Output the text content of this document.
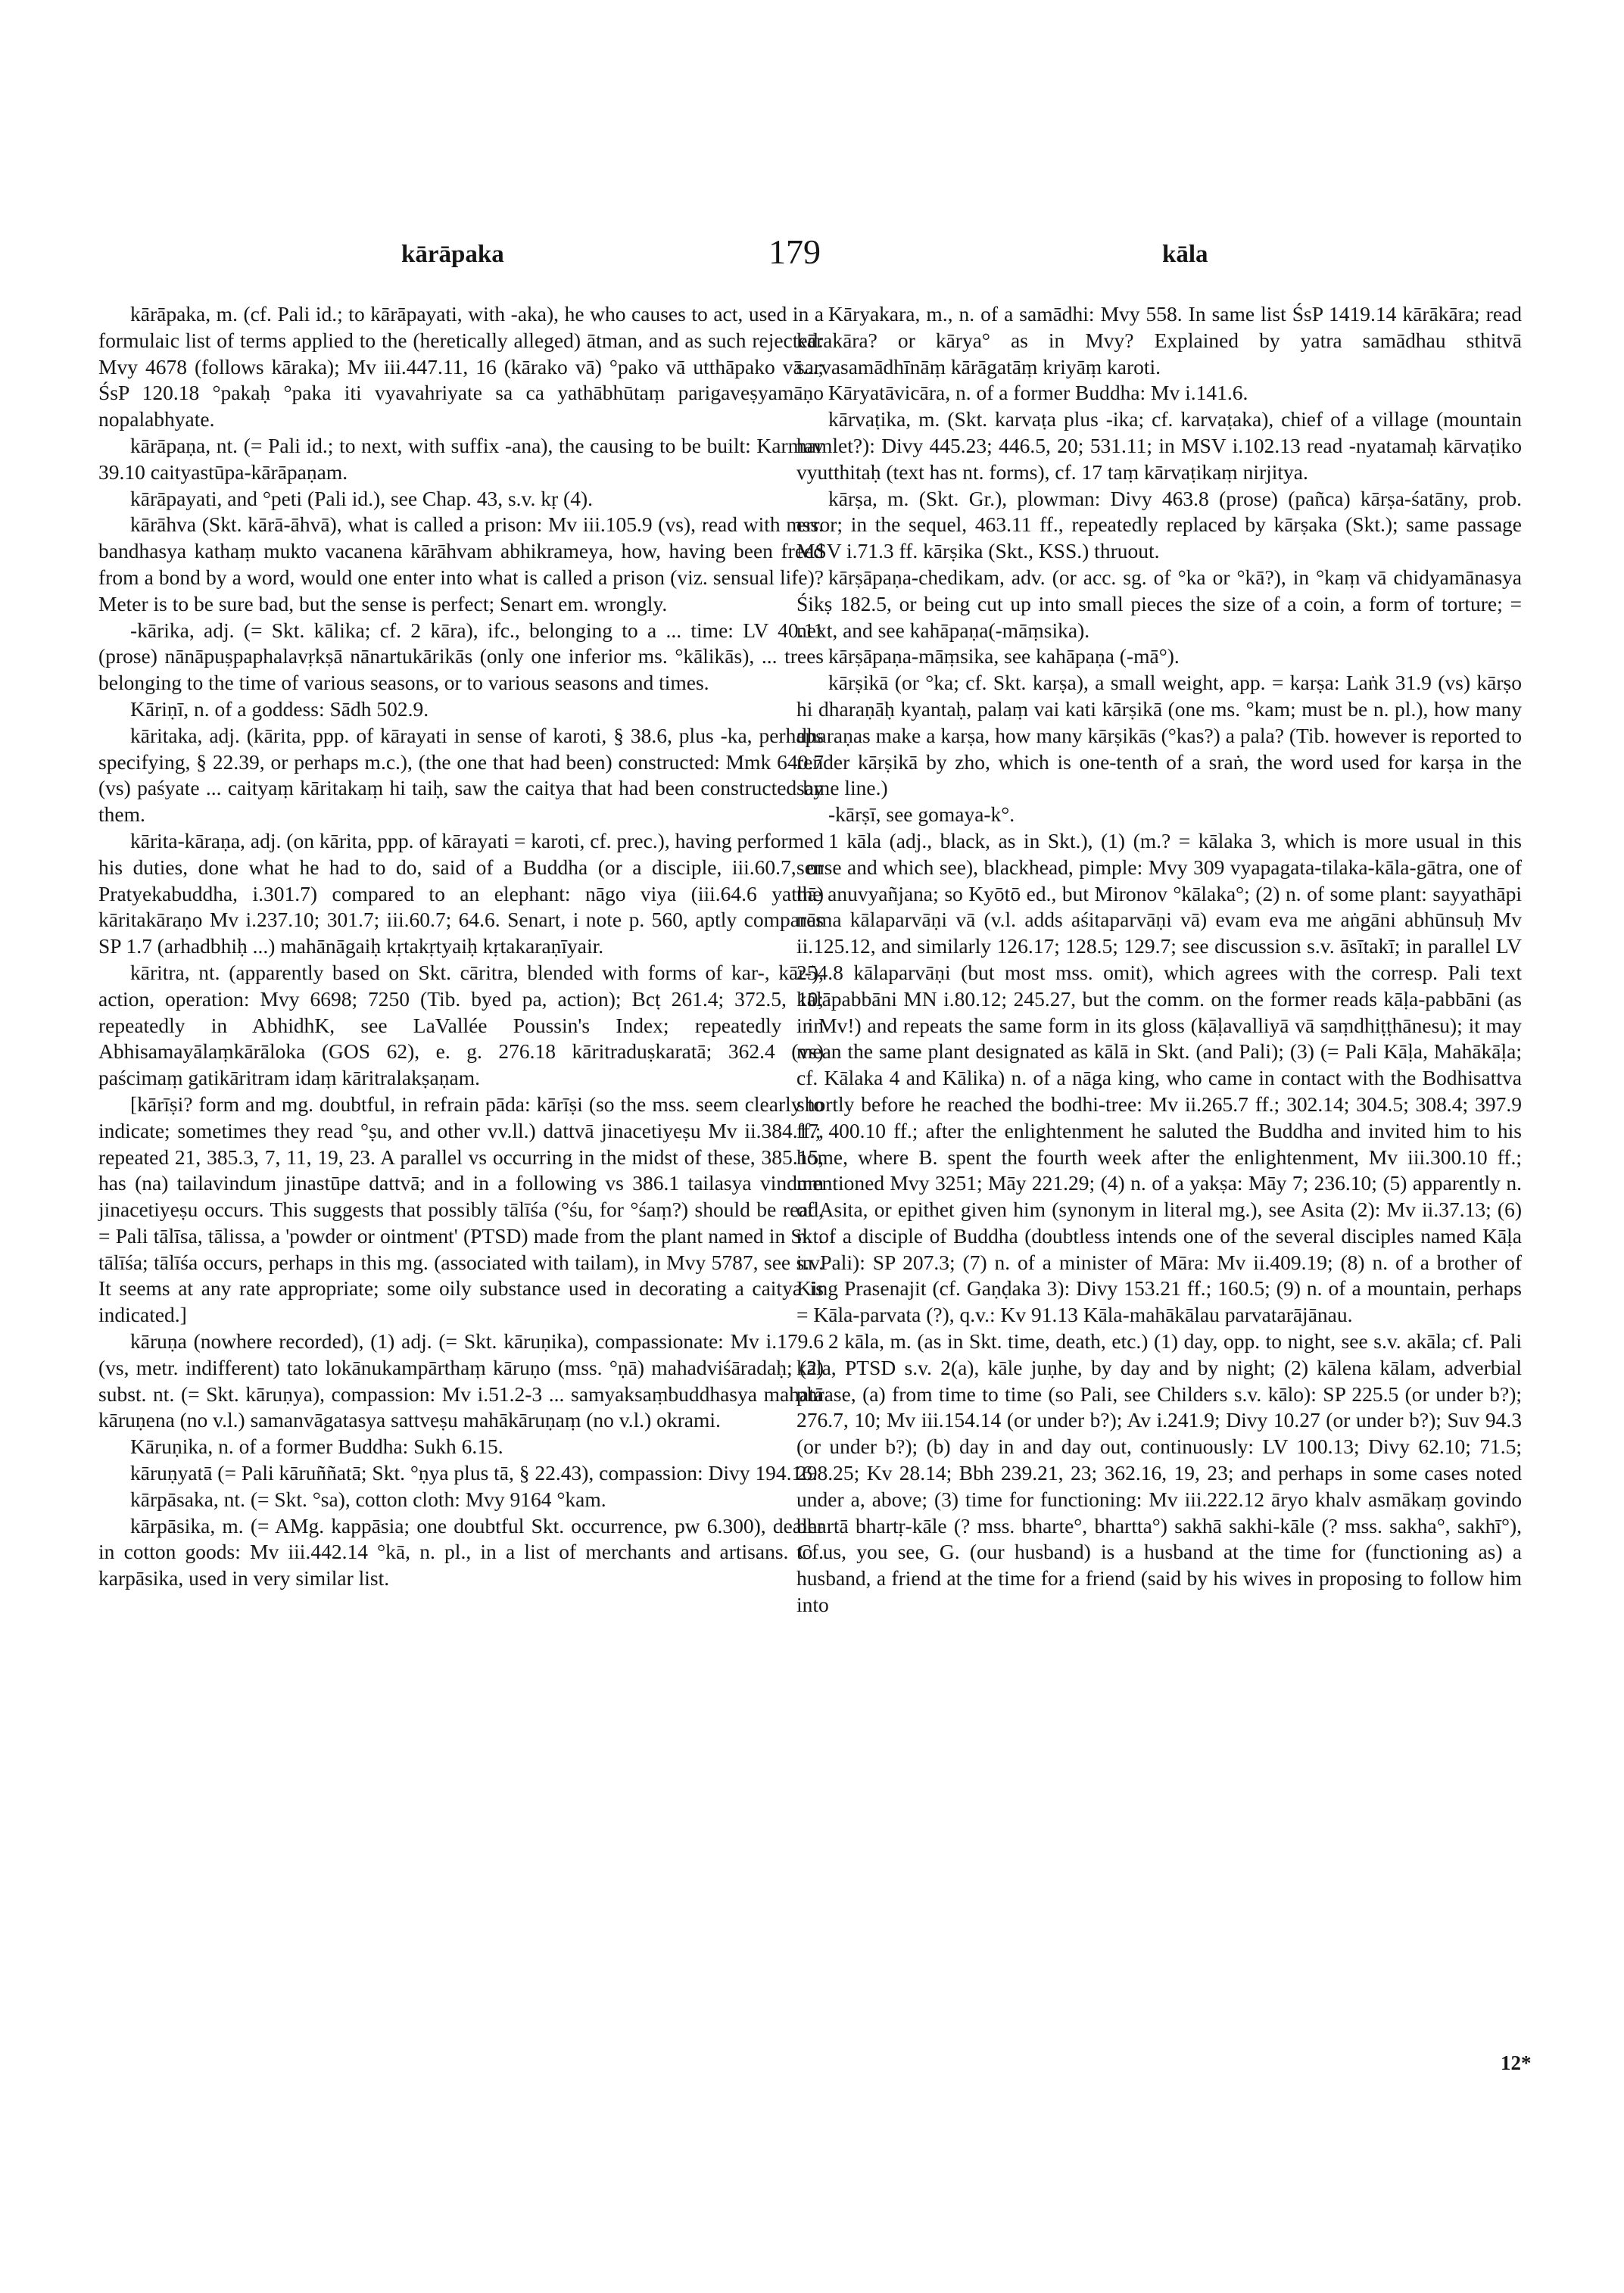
kārāpaka	179	kāla

kārāpaka, m. (cf. Pali id.; to kārāpayati, with -aka), he who causes to act, used in a formulaic list of terms applied to the (heretically alleged) ātman, and as such rejected: Mvy 4678 (follows kāraka); Mv iii.447.11, 16 (kārako vā) °pako vā utthāpako vā...; ŚsP 120.18 °pakaḥ °paka iti vyavahriyate sa ca yathābhūtaṃ parigaveṣyamāṇo nopalabhyate.

kārāpaṇa, nt. (= Pali id.; to next, with suffix -ana), the causing to be built: Karmav 39.10 caityastūpa-kārāpaṇam.

kārāpayati, and °peti (Pali id.), see Chap. 43, s.v. kṛ (4).

kārāhva (Skt. kārā-āhvā), what is called a prison: Mv iii.105.9 (vs), read with mss. bandhasya kathaṃ mukto vacanena kārāhvam abhikrameya, how, having been freed from a bond by a word, would one enter into what is called a prison (viz. sensual life)? Meter is to be sure bad, but the sense is perfect; Senart em. wrongly.

-kārika, adj. (= Skt. kālika; cf. 2 kāra), ifc., belonging to a ... time: LV 40.11 (prose) nānāpuṣpaphalavṛkṣā nānartukārikās (only one inferior ms. °kālikās), ... trees belonging to the time of various seasons, or to various seasons and times.

Kāriṇī, n. of a goddess: Sādh 502.9.

kāritaka, adj. (kārita, ppp. of kārayati in sense of karoti, § 38.6, plus -ka, perhaps specifying, § 22.39, or perhaps m.c.), (the one that had been) constructed: Mmk 640.7 (vs) paśyate ... caityaṃ kāritakaṃ hi taiḥ, saw the caitya that had been constructed by them.

kārita-kāraṇa, adj. (on kārita, ppp. of kārayati = karoti, cf. prec.), having performed his duties, done what he had to do, said of a Buddha (or a disciple, iii.60.7, or Pratyekabuddha, i.301.7) compared to an elephant: nāgo viya (iii.64.6 yathā) kāritakāraṇo Mv i.237.10; 301.7; iii.60.7; 64.6. Senart, i note p. 560, aptly compares SP 1.7 (arhadbhiḥ ...) mahānāgaiḥ kṛtakṛtyaiḥ kṛtakaraṇīyair.

kāritra, nt. (apparently based on Skt. cāritra, blended with forms of kar-, kār-), action, operation: Mvy 6698; 7250 (Tib. byed pa, action); Bcṭ 261.4; 372.5, 10; repeatedly in AbhidhK, see LaVallée Poussin's Index; repeatedly in Abhisamayālaṃkārāloka (GOS 62), e. g. 276.18 kāritraduṣkaratā; 362.4 (vs) paścimaṃ gatikāritram idaṃ kāritralakṣaṇam.

[kārīṣi? form and mg. doubtful, in refrain pāda: kārīṣi (so the mss. seem clearly to indicate; sometimes they read °ṣu, and other vv.ll.) dattvā jinacetiyeṣu Mv ii.384.17, repeated 21, 385.3, 7, 11, 19, 23. A parallel vs occurring in the midst of these, 385.15, has (na) tailavindum jinastūpe dattvā; and in a following vs 386.1 tailasya vindum jinacetiyeṣu occurs. This suggests that possibly tālīśa (°śu, for °śaṃ?) should be read, = Pali tālīsa, tālissa, a 'powder or ointment' (PTSD) made from the plant named in Skt. tālīśa; tālīśa occurs, perhaps in this mg. (associated with tailam), in Mvy 5787, see s.v. It seems at any rate appropriate; some oily substance used in decorating a caitya is indicated.]

kāruṇa (nowhere recorded), (1) adj. (= Skt. kāruṇika), compassionate: Mv i.179.6 (vs, metr. indifferent) tato lokānukampārthaṃ kāruṇo (mss. °ṇā) mahadviśāradaḥ; (2) subst. nt. (= Skt. kāruṇya), compassion: Mv i.51.2-3 ... samyaksaṃbuddhasya mahatā kāruṇena (no v.l.) samanvāgatasya sattveṣu mahākāruṇaṃ (no v.l.) okrami.

Kāruṇika, n. of a former Buddha: Sukh 6.15.

kāruṇyatā (= Pali kāruññatā; Skt. °ṇya plus tā, § 22.43), compassion: Divy 194.16.

kārpāsaka, nt. (= Skt. °sa), cotton cloth: Mvy 9164 °kam.

kārpāsika, m. (= AMg. kappāsia; one doubtful Skt. occurrence, pw 6.300), dealer in cotton goods: Mv iii.442.14 °kā, n. pl., in a list of merchants and artisans. Cf. karpāsika, used in very similar list.

Kāryakara, m., n. of a samādhi: Mvy 558. In same list ŚsP 1419.14 kārākāra; read kārakāra? or kārya° as in Mvy? Explained by yatra samādhau sthitvā sarvasamādhīnāṃ kārāgatāṃ kriyāṃ karoti.

Kāryatāvicāra, n. of a former Buddha: Mv i.141.6.

kārvaṭika, m. (Skt. karvaṭa plus -ika; cf. karvaṭaka), chief of a village (mountain hamlet?): Divy 445.23; 446.5, 20; 531.11; in MSV i.102.13 read -nyatamaḥ kārvaṭiko vyutthitaḥ (text has nt. forms), cf. 17 taṃ kārvaṭikaṃ nirjitya.

kārṣa, m. (Skt. Gr.), plowman: Divy 463.8 (prose) (pañca) kārṣa-śatāny, prob. error; in the sequel, 463.11 ff., repeatedly replaced by kārṣaka (Skt.); same passage MSV i.71.3 ff. kārṣika (Skt., KSS.) thruout.

kārṣāpaṇa-chedikam, adv. (or acc. sg. of °ka or °kā?), in °kaṃ vā chidyamānasya Śikṣ 182.5, or being cut up into small pieces the size of a coin, a form of torture; = next, and see kahāpaṇa(-māṃsika).

kārṣāpaṇa-māṃsika, see kahāpaṇa (-mā°).

kārṣikā (or °ka; cf. Skt. karṣa), a small weight, app. = karṣa: Laṅk 31.9 (vs) kārṣo hi dharaṇāḥ kyantaḥ, palaṃ vai kati kārṣikā (one ms. °kam; must be n. pl.), how many dharaṇas make a karṣa, how many kārṣikās (°kas?) a pala? (Tib. however is reported to render kārṣikā by zho, which is one-tenth of a sraṅ, the word used for karṣa in the same line.)

-kārṣī, see gomaya-k°.

1 kāla (adj., black, as in Skt.), (1) (m.? = kālaka 3, which is more usual in this sense and which see), blackhead, pimple: Mvy 309 vyapagata-tilaka-kāla-gātra, one of the anuvyañjana; so Kyōtō ed., but Mironov °kālaka°; (2) n. of some plant: sayyathāpi nāma kālaparvāṇi vā (v.l. adds aśitaparvāṇi vā) evam eva me aṅgāni abhūnsuḥ Mv ii.125.12, and similarly 126.17; 128.5; 129.7; see discussion s.v. āsītakī; in parallel LV 254.8 kālaparvāṇi (but most mss. omit), which agrees with the corresp. Pali text kālāpabbāni MN i.80.12; 245.27, but the comm. on the former reads kāḷa-pabbāni (as in Mv!) and repeats the same form in its gloss (kāḷavalliyā vā saṃdhiṭṭhānesu); it may mean the same plant designated as kālā in Skt. (and Pali); (3) (= Pali Kāḷa, Mahākāḷa; cf. Kālaka 4 and Kālika) n. of a nāga king, who came in contact with the Bodhisattva shortly before he reached the bodhi-tree: Mv ii.265.7 ff.; 302.14; 304.5; 308.4; 397.9 ff.; 400.10 ff.; after the enlightenment he saluted the Buddha and invited him to his home, where B. spent the fourth week after the enlightenment, Mv iii.300.10 ff.; mentioned Mvy 3251; Māy 221.29; (4) n. of a yakṣa: Māy 7; 236.10; (5) apparently n. of Asita, or epithet given him (synonym in literal mg.), see Asita (2): Mv ii.37.13; (6) n. of a disciple of Buddha (doubtless intends one of the several disciples named Kāḷa in Pali): SP 207.3; (7) n. of a minister of Māra: Mv ii.409.19; (8) n. of a brother of King Prasenajit (cf. Gaṇḍaka 3): Divy 153.21 ff.; 160.5; (9) n. of a mountain, perhaps = Kāla-parvata (?), q.v.: Kv 91.13 Kāla-mahākālau parvatarājānau.

2 kāla, m. (as in Skt. time, death, etc.) (1) day, opp. to night, see s.v. akāla; cf. Pali kāla, PTSD s.v. 2(a), kāle juṇhe, by day and by night; (2) kālena kālam, adverbial phrase, (a) from time to time (so Pali, see Childers s.v. kālo): SP 225.5 (or under b?); 276.7, 10; Mv iii.154.14 (or under b?); Av i.241.9; Divy 10.27 (or under b?); Suv 94.3 (or under b?); (b) day in and day out, continuously: LV 100.13; Divy 62.10; 71.5; 298.25; Kv 28.14; Bbh 239.21, 23; 362.16, 19, 23; and perhaps in some cases noted under a, above; (3) time for functioning: Mv iii.222.12 āryo khalv asmākaṃ govindo bhartā bhartṛ-kāle (? mss. bharte°, bhartta°) sakhā sakhi-kāle (? mss. sakha°, sakhī°), to us, you see, G. (our husband) is a husband at the time for (functioning as) a husband, a friend at the time for a friend (said by his wives in proposing to follow him into

12*
